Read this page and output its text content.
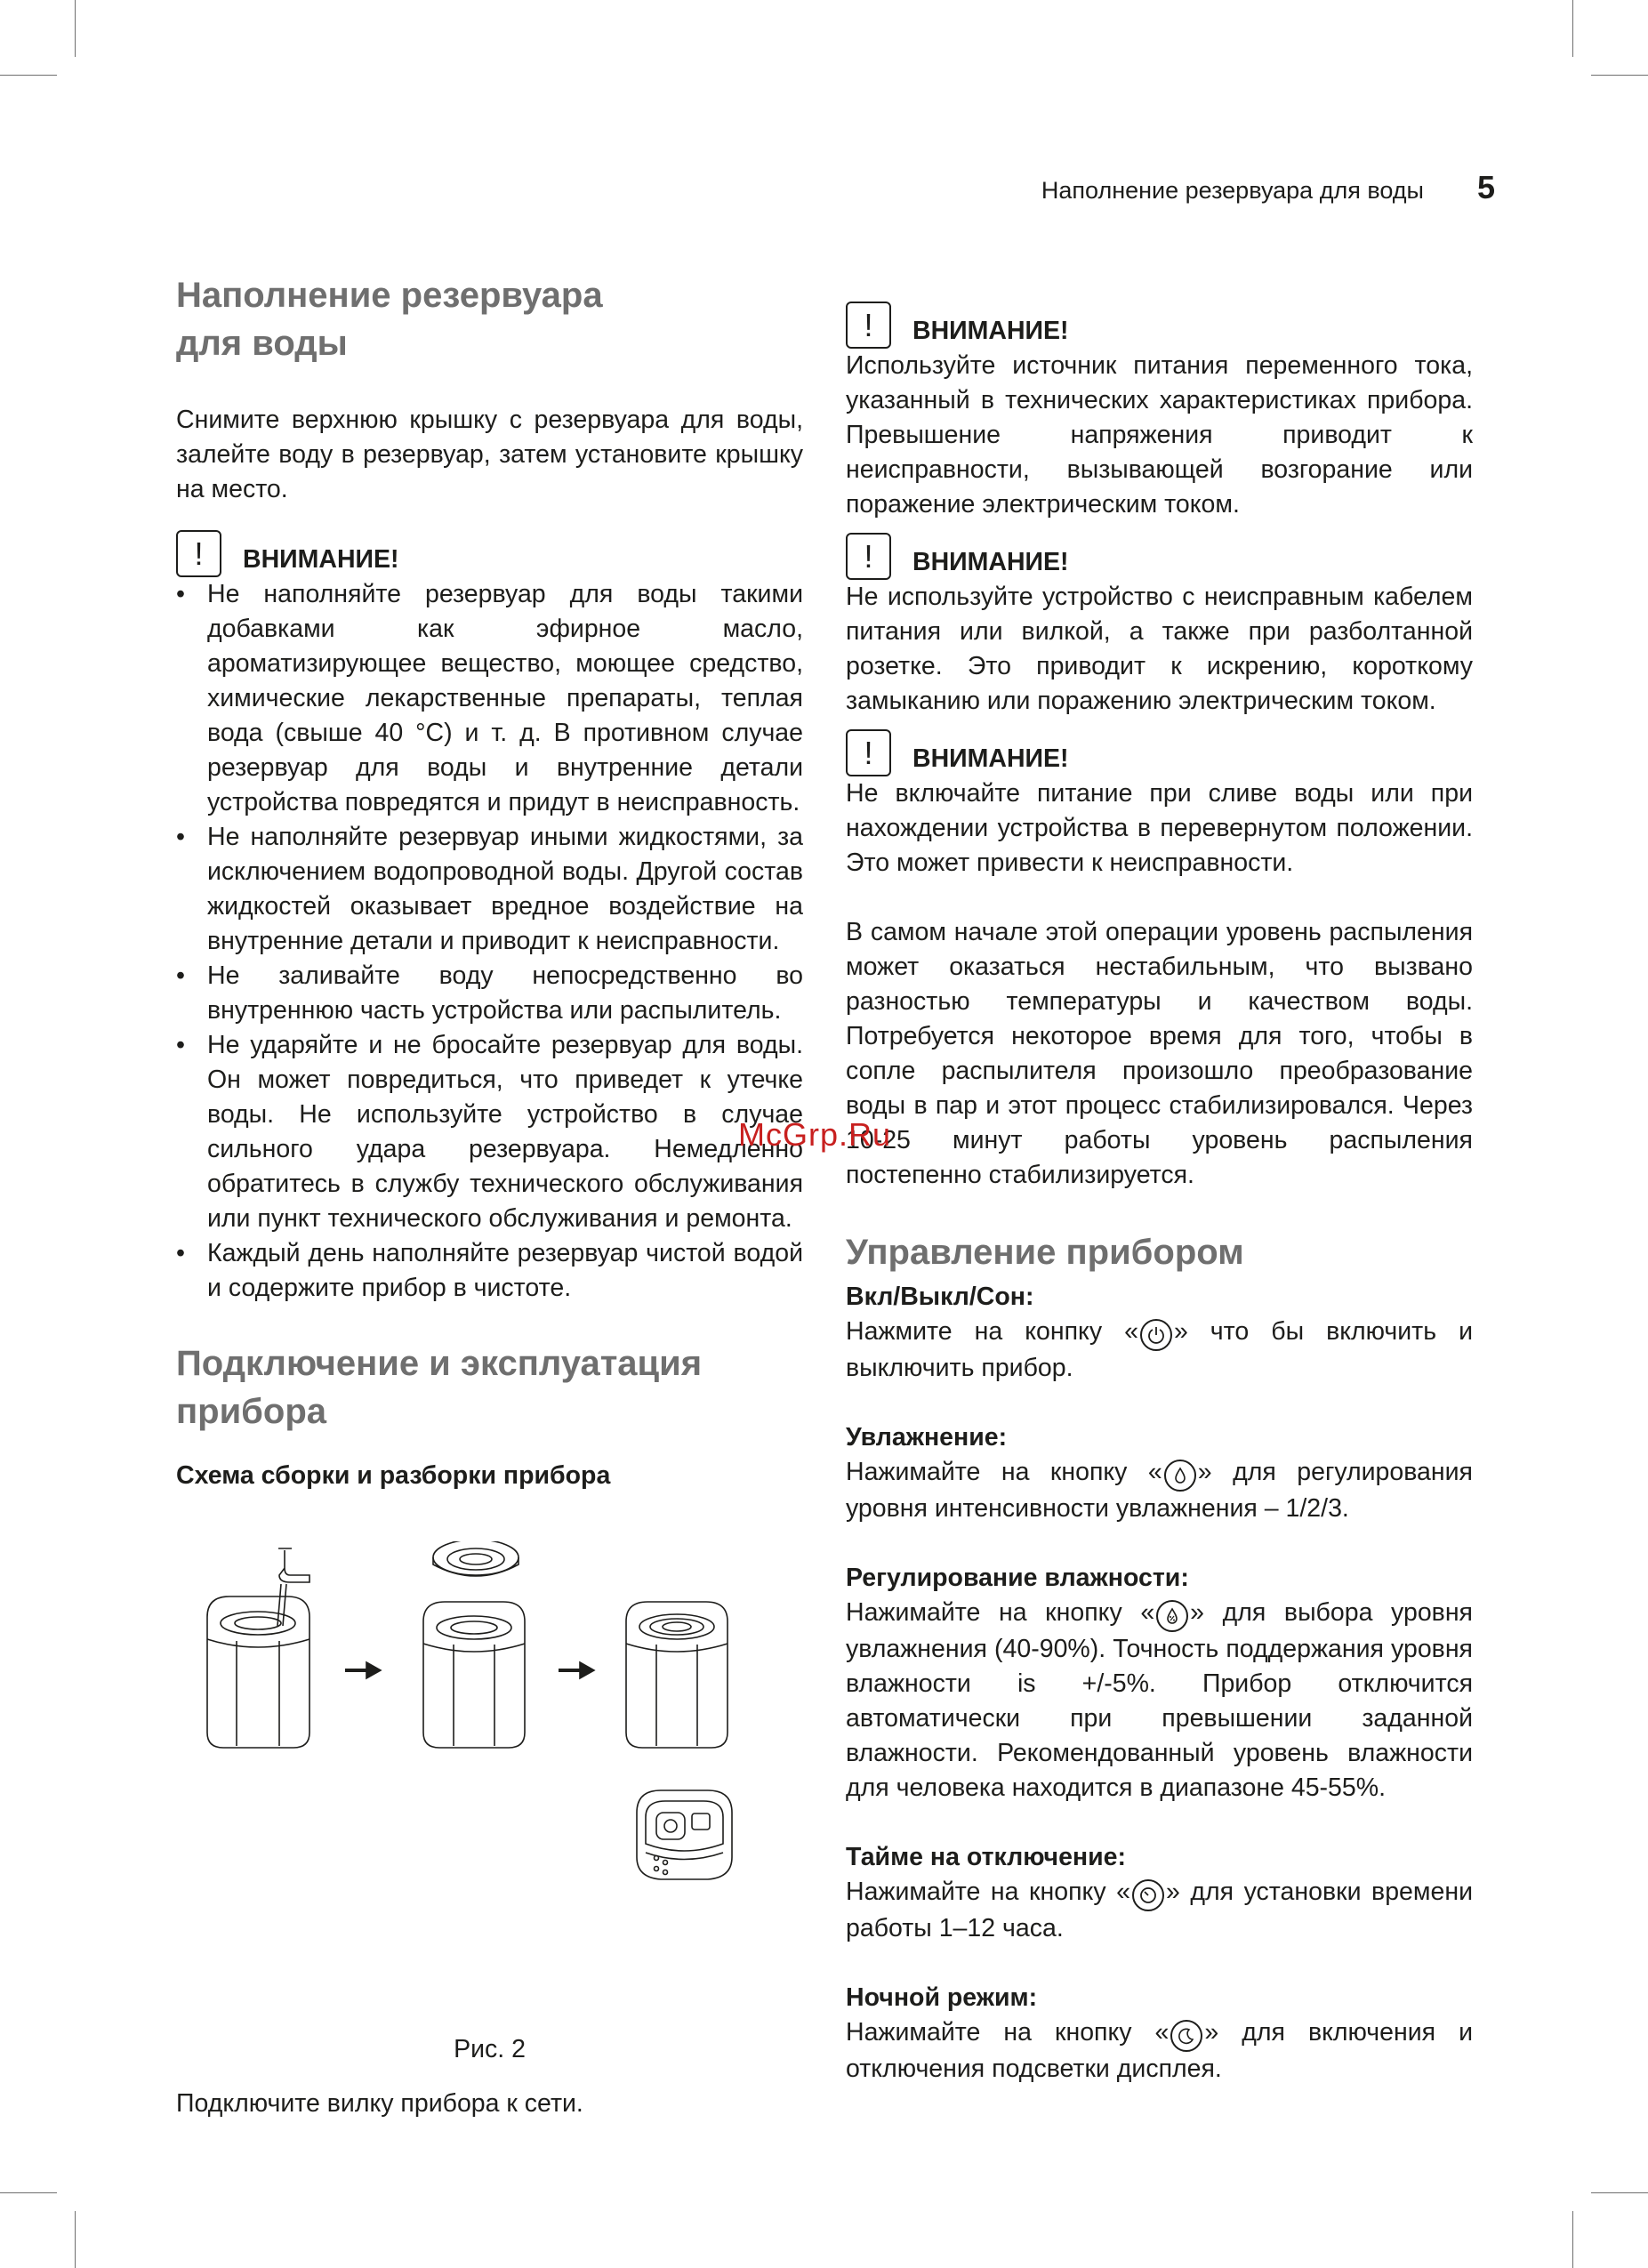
Наполнение резервуара для воды 5
Наполнение резервуара для воды

Снимите верхнюю крышку с резервуара для воды, залейте воду в резервуар, затем установите крышку на место.

!	ВНИМАНИЕ!
• Не наполняйте резервуар для воды такими добавками как эфирное масло, ароматизирующее вещество, моющее средство, химические лекарственные препараты, теплая вода (свыше 40 °С) и т. д. В противном случае резервуар для воды и внутренние детали устройства повредятся и придут в неисправность.
• Не наполняйте резервуар иными жидкостями, за исключением водопроводной воды. Другой состав жидкостей оказывает вредное воздействие на внутренние детали и приводит к неисправности.
• Не заливайте воду непосредственно во внутреннюю часть устройства или распылитель.
• Не ударяйте и не бросайте резервуар для воды. Он может повредиться, что приведет к утечке воды. Не используйте устройство в случае сильного удара резервуара. Немедленно обратитесь в службу технического обслуживания или пункт технического обслуживания и ремонта.
• Каждый день наполняйте резервуар чистой водой и содержите прибор в чистоте.
Подключение и эксплуатация прибора

Схема сборки и разборки прибора

Рис. 2

Подключите вилку прибора к сети.

!	ВНИМАНИЕ!

Используйте источник питания переменного тока, указанный в технических характеристиках прибора. Превышение напряжения приводит к неисправности, вызывающей возгорание или поражение электрическим током.

!	ВНИМАНИЕ!

Не используйте устройство с неисправным кабелем питания или вилкой, а также при разболтанной розетке. Это приводит к искрению, короткому замыканию или поражению электрическим током.

!	ВНИМАНИЕ!

Не включайте питание при сливе воды или при нахождении устройства в перевернутом положении. Это может привести к неисправности.

В самом начале этой операции уровень распыления может оказаться нестабильным, что вызвано разностью температуры и качеством воды. Потребуется некоторое время для того, чтобы в сопле распылителя произошло преобразование воды в пар и этот процесс стабилизировался. Через 10-25 минут работы уровень распыления постепенно стабилизируется.

Управление прибором

Вкл/Выкл/Сон:

Нажмите на конпку « » что бы включить и выключить прибор.

Увлажнение:

Нажимайте на кнопку « » для регулирования уровня интенсивности увлажнения – 1/2/3.

Регулирование влажности:

Нажимайте на кнопку « » для выбора уровня увлажнения (40-90%). Точность поддержания уровня влажности is +/-5%. Прибор отключится автоматически при превышении заданной влажности. Рекомендованный уровень влажности для человека находится в диапазоне 45-55%.

Тайме на отключение:

Нажимайте на кнопку « » для установки времени работы 1–12 часа.

Ночной режим:

Нажимайте на кнопку « » для включения и отключения подсветки дисплея.

McGrp.Ru
